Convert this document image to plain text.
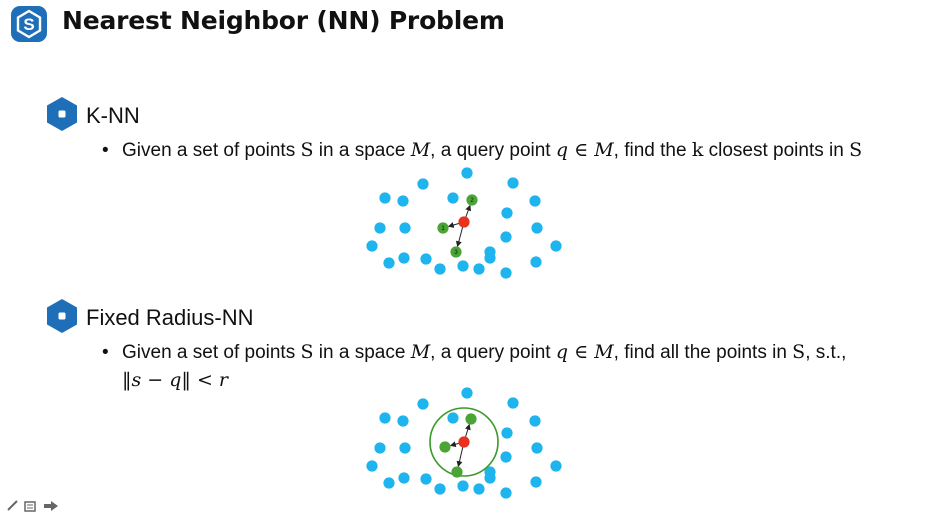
S Nearest Neighbor (NN) Problem
K-NN
• Given a set of points S in a space M, a query point q ∈ M, find the k closest points in S
1
2
3
Fixed Radius-NN
• Given a set of points S in a space M, a query point q ∈ M, find all the points in S, s.t.,
‖s − q‖ < r
